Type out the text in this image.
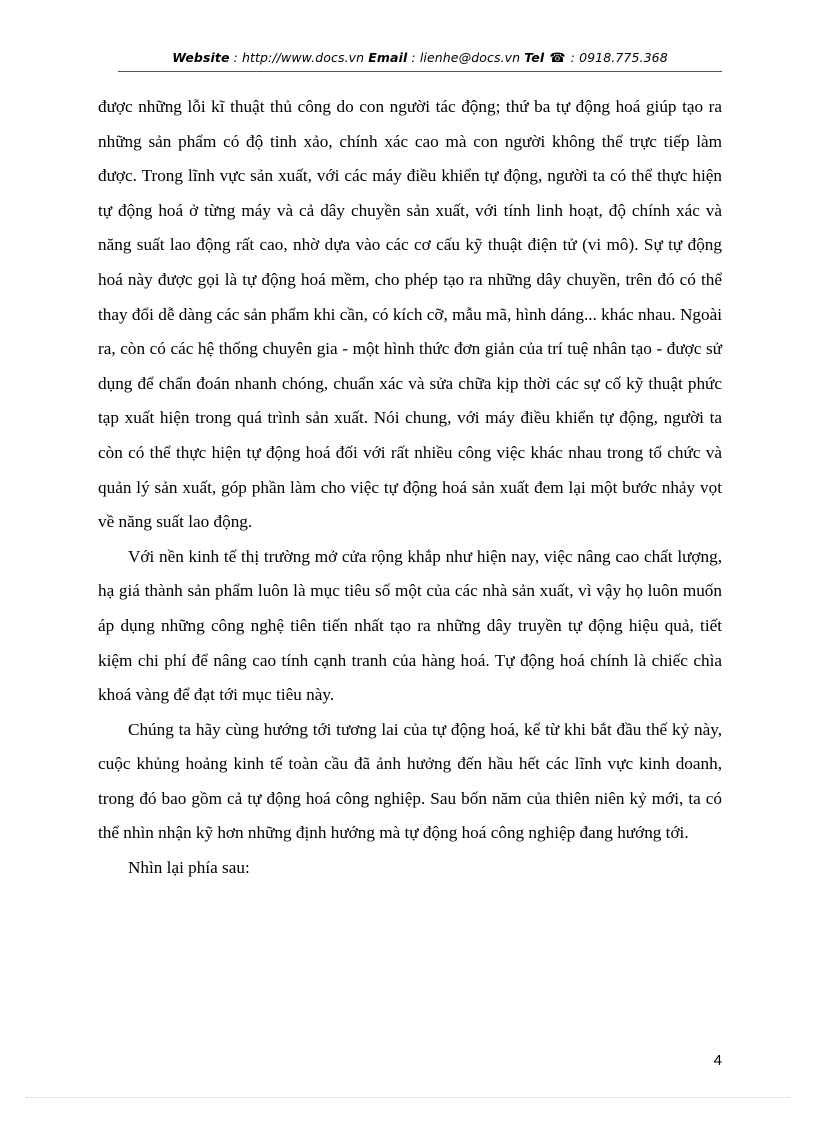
Website : http://www.docs.vn Email : lienhe@docs.vn Tel ☎ : 0918.775.368

được những lỗi kĩ thuật thủ công do con người tác động; thứ ba tự động hoá giúp tạo ra những sản phẩm có độ tinh xảo, chính xác cao mà con người không thể trực tiếp làm được. Trong lĩnh vực sản xuất, với các máy điều khiển tự động, người ta có thể thực hiện tự động hoá ở từng máy và cả dây chuyền sản xuất, với tính linh hoạt, độ chính xác và năng suất lao động rất cao, nhờ dựa vào các cơ cấu kỹ thuật điện tử (vi mô). Sự tự động hoá này được gọi là tự động hoá mềm, cho phép tạo ra những dây chuyền, trên đó có thể thay đổi dễ dàng các sản phẩm khi cần, có kích cỡ, mẫu mã, hình dáng... khác nhau. Ngoài ra, còn có các hệ thống chuyên gia - một hình thức đơn giản của trí tuệ nhân tạo - được sử dụng để chẩn đoán nhanh chóng, chuẩn xác và sửa chữa kịp thời các sự cố kỹ thuật phức tạp xuất hiện trong quá trình sản xuất. Nói chung, với máy điều khiển tự động, người ta còn có thể thực hiện tự động hoá đối với rất nhiều công việc khác nhau trong tổ chức và quản lý sản xuất, góp phần làm cho việc tự động hoá sản xuất đem lại một bước nhảy vọt về năng suất lao động.

Với nền kinh tế thị trường mở cửa rộng khắp như hiện nay, việc nâng cao chất lượng, hạ giá thành sản phẩm luôn là mục tiêu số một của các nhà sản xuất, vì vậy họ luôn muốn áp dụng những công nghệ tiên tiến nhất tạo ra những dây truyền tự động hiệu quả, tiết kiệm chi phí để nâng cao tính cạnh tranh của hàng hoá. Tự động hoá chính là chiếc chìa khoá vàng để đạt tới mục tiêu này.

Chúng ta hãy cùng hướng tới tương lai của tự động hoá, kể từ khi bắt đầu thế kỷ này, cuộc khủng hoảng kinh tế toàn cầu đã ảnh hưởng đến hầu hết các lĩnh vực kinh doanh, trong đó bao gồm cả tự động hoá công nghiệp. Sau bốn năm của thiên niên kỷ mới, ta có thể nhìn nhận kỹ hơn những định hướng mà tự động hoá công nghiệp đang hướng tới.

Nhìn lại phía sau:

4
